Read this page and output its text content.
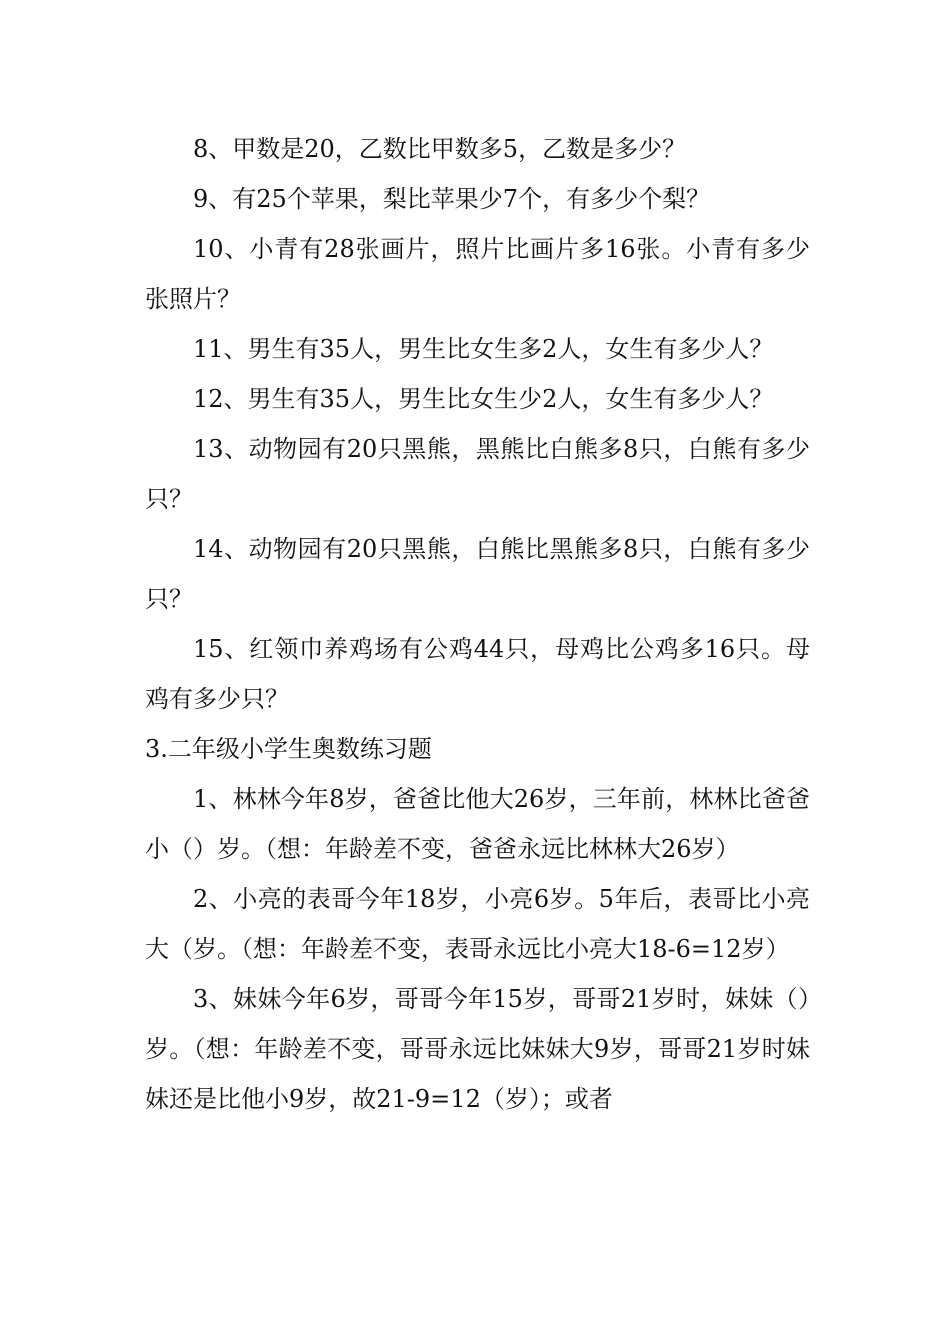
8、甲数是20，乙数比甲数多5，乙数是多少？

9、有25个苹果，梨比苹果少7个，有多少个梨？

10、小青有28张画片，照片比画片多16张。小青有多少张照片？

11、男生有35人，男生比女生多2人，女生有多少人？

12、男生有35人，男生比女生少2人，女生有多少人？

13、动物园有20只黑熊，黑熊比白熊多8只，白熊有多少只？

14、动物园有20只黑熊，白熊比黑熊多8只，白熊有多少只？

15、红领巾养鸡场有公鸡44只，母鸡比公鸡多16只。母鸡有多少只？

3.二年级小学生奥数练习题

1、林林今年8岁，爸爸比他大26岁，三年前，林林比爸爸小（）岁。（想：年龄差不变，爸爸永远比林林大26岁）

2、小亮的表哥今年18岁，小亮6岁。5年后，表哥比小亮大（岁。（想：年龄差不变，表哥永远比小亮大18-6=12岁）

3、妹妹今年6岁，哥哥今年15岁，哥哥21岁时，妹妹（）岁。（想：年龄差不变，哥哥永远比妹妹大9岁，哥哥21岁时妹妹还是比他小9岁，故21-9=12（岁）；或者
